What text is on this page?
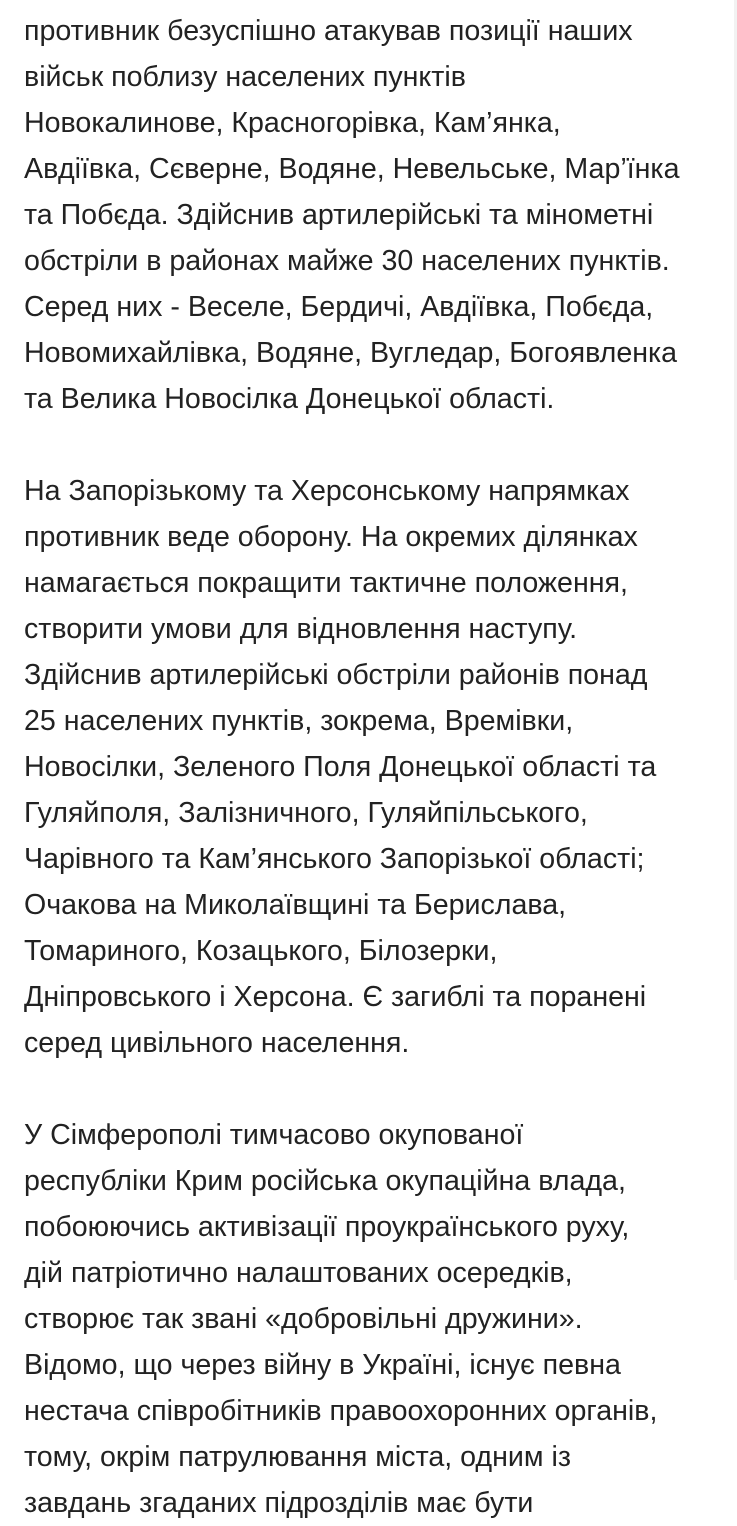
противник безуспішно атакував позиції наших
військ поблизу населених пунктів
Новокалинове, Красногорівка, Кам’янка,
Авдіївка, Сєверне, Водяне, Невельське, Мар’їнка
та Побєда. Здійснив артилерійські та мінометні
обстріли в районах майже 30 населених пунктів.
Серед них - Веселе, Бердичі, Авдіївка, Побєда,
Новомихайлівка, Водяне, Вугледар, Богоявленка
та Велика Новосілка Донецької області.

На Запорізькому та Херсонському напрямках
противник веде оборону. На окремих ділянках
намагається покращити тактичне положення,
створити умови для відновлення наступу.
Здійснив артилерійські обстріли районів понад
25 населених пунктів, зокрема, Времівки,
Новосілки, Зеленого Поля Донецької області та
Гуляйполя, Залізничного, Гуляйпільського,
Чарівного та Кам’янського Запорізької області;
Очакова на Миколаївщині та Берислава,
Томариного, Козацького, Білозерки,
Дніпровського і Херсона. Є загиблі та поранені
серед цивільного населення.

У Сімферополі тимчасово окупованої
республіки Крим російська окупаційна влада,
побоюючись активізації проукраїнського руху,
дій патріотично налаштованих осередків,
створює так звані «добровільні дружини».
Відомо, що через війну в Україні, існує певна
нестача співробітників правоохоронних органів,
тому, окрім патрулювання міста, одним із
завдань згаданих підрозділів має бути
